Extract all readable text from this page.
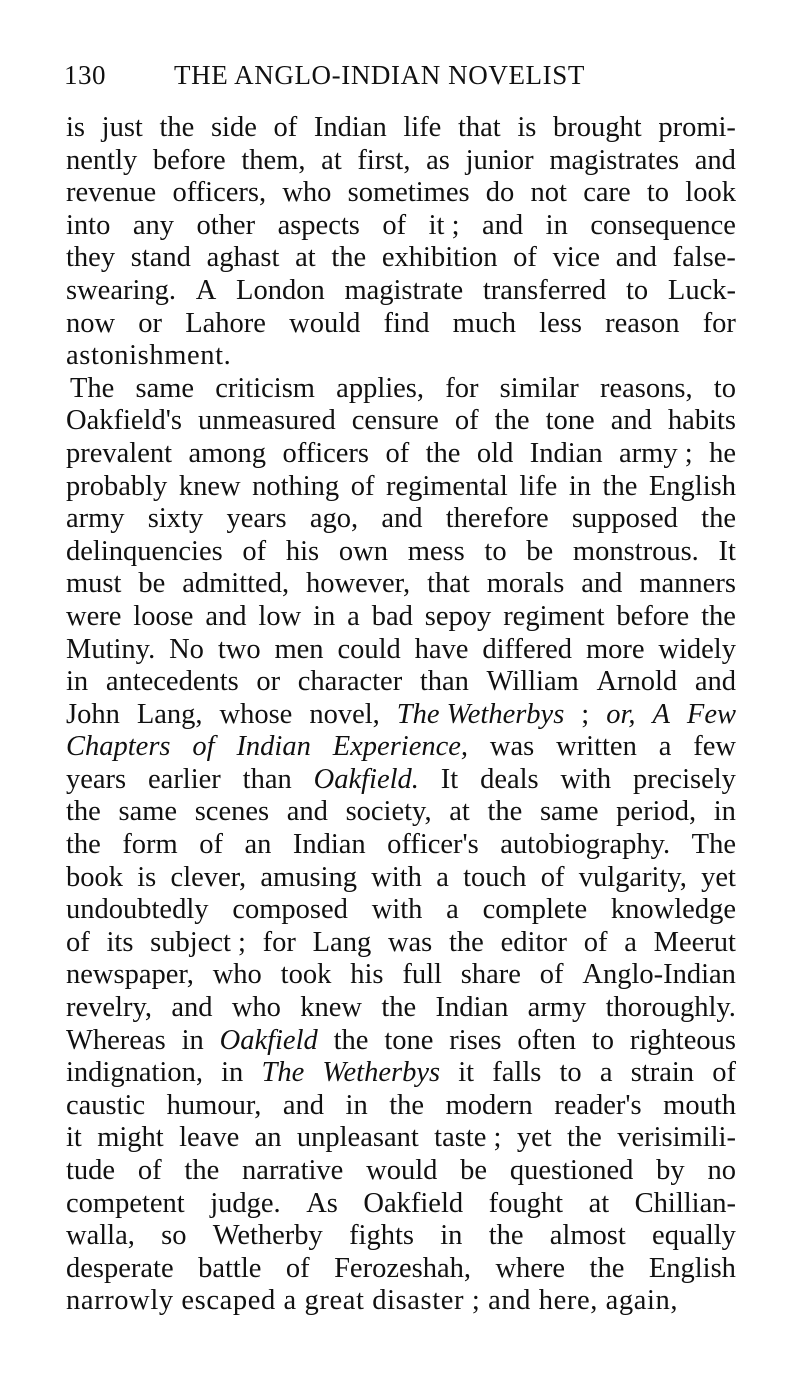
130	THE ANGLO-INDIAN NOVELIST
is just the side of Indian life that is brought promi-
nently before them, at first, as junior magistrates and
revenue officers, who sometimes do not care to look
into any other aspects of it ; and in consequence
they stand aghast at the exhibition of vice and false-
swearing. A London magistrate transferred to Luck-
now or Lahore would find much less reason for
astonishment.
The same criticism applies, for similar reasons, to
Oakfield's unmeasured censure of the tone and habits
prevalent among officers of the old Indian army ; he
probably knew nothing of regimental life in the English
army sixty years ago, and therefore supposed the
delinquencies of his own mess to be monstrous. It
must be admitted, however, that morals and manners
were loose and low in a bad sepoy regiment before the
Mutiny. No two men could have differed more widely
in antecedents or character than William Arnold and
John Lang, whose novel, The Wetherbys ; or, A Few
Chapters of Indian Experience, was written a few
years earlier than Oakfield. It deals with precisely
the same scenes and society, at the same period, in
the form of an Indian officer's autobiography. The
book is clever, amusing with a touch of vulgarity, yet
undoubtedly composed with a complete knowledge
of its subject ; for Lang was the editor of a Meerut
newspaper, who took his full share of Anglo-Indian
revelry, and who knew the Indian army thoroughly.
Whereas in Oakfield the tone rises often to righteous
indignation, in The Wetherbys it falls to a strain of
caustic humour, and in the modern reader's mouth
it might leave an unpleasant taste ; yet the verisimili-
tude of the narrative would be questioned by no
competent judge. As Oakfield fought at Chillian-
walla, so Wetherby fights in the almost equally
desperate battle of Ferozeshah, where the English
narrowly
escaped
a
great
disaster ;
and
here,
again,
